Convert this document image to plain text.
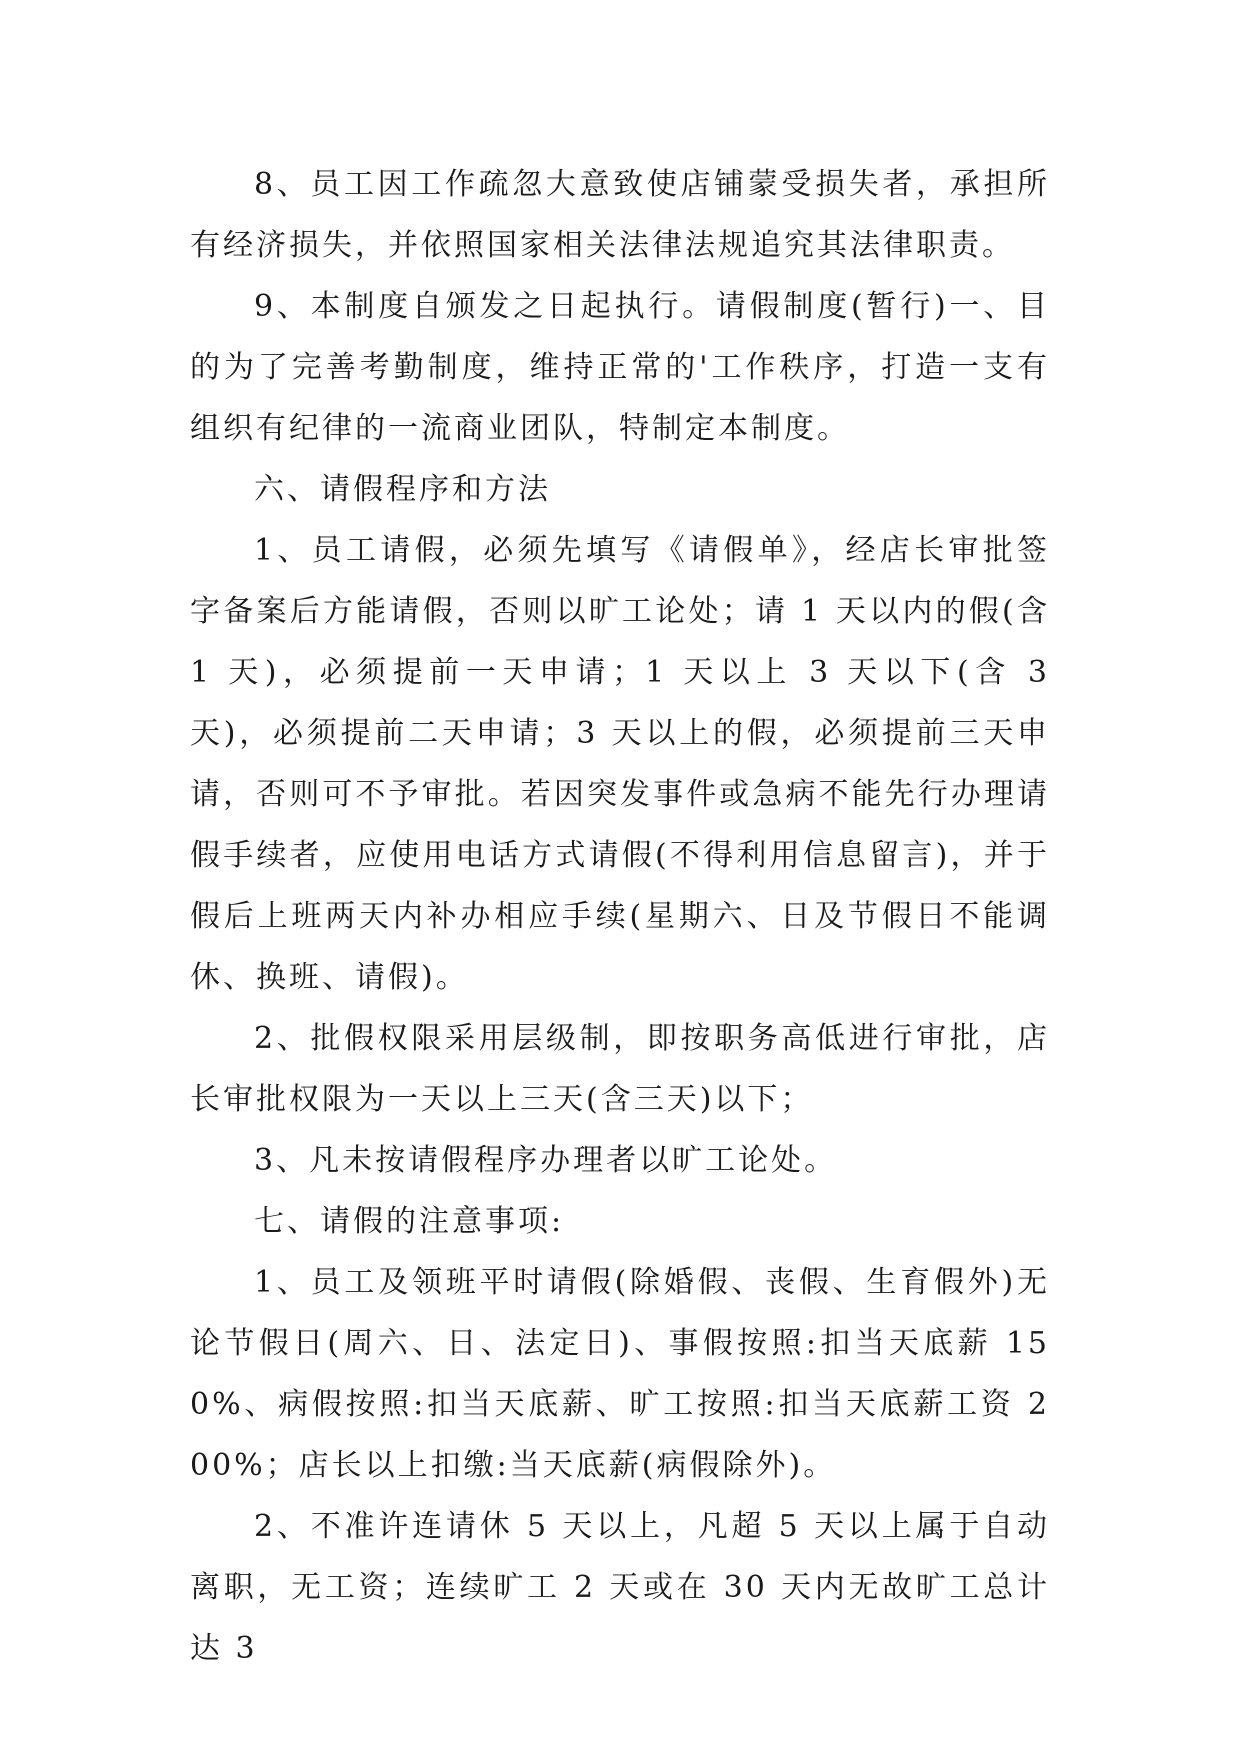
8、员工因工作疏忽大意致使店铺蒙受损失者，承担所有经济损失，并依照国家相关法律法规追究其法律职责。

9、本制度自颁发之日起执行。请假制度(暂行)一、目的为了完善考勤制度，维持正常的'工作秩序，打造一支有组织有纪律的一流商业团队，特制定本制度。

六、请假程序和方法

1、员工请假，必须先填写《请假单》，经店长审批签字备案后方能请假，否则以旷工论处；请 1 天以内的假(含 1 天)，必须提前一天申请；1 天以上 3 天以下(含 3 天)，必须提前二天申请；3 天以上的假，必须提前三天申请，否则可不予审批。若因突发事件或急病不能先行办理请假手续者，应使用电话方式请假(不得利用信息留言)，并于假后上班两天内补办相应手续(星期六、日及节假日不能调休、换班、请假)。

2、批假权限采用层级制，即按职务高低进行审批，店长审批权限为一天以上三天(含三天)以下；

3、凡未按请假程序办理者以旷工论处。

七、请假的注意事项:

1、员工及领班平时请假(除婚假、丧假、生育假外)无论节假日(周六、日、法定日)、事假按照:扣当天底薪 150%、病假按照:扣当天底薪、旷工按照:扣当天底薪工资 200%；店长以上扣缴:当天底薪(病假除外)。

2、不准许连请休 5 天以上，凡超 5 天以上属于自动离职，无工资；连续旷工 2 天或在 30 天内无故旷工总计达 3
